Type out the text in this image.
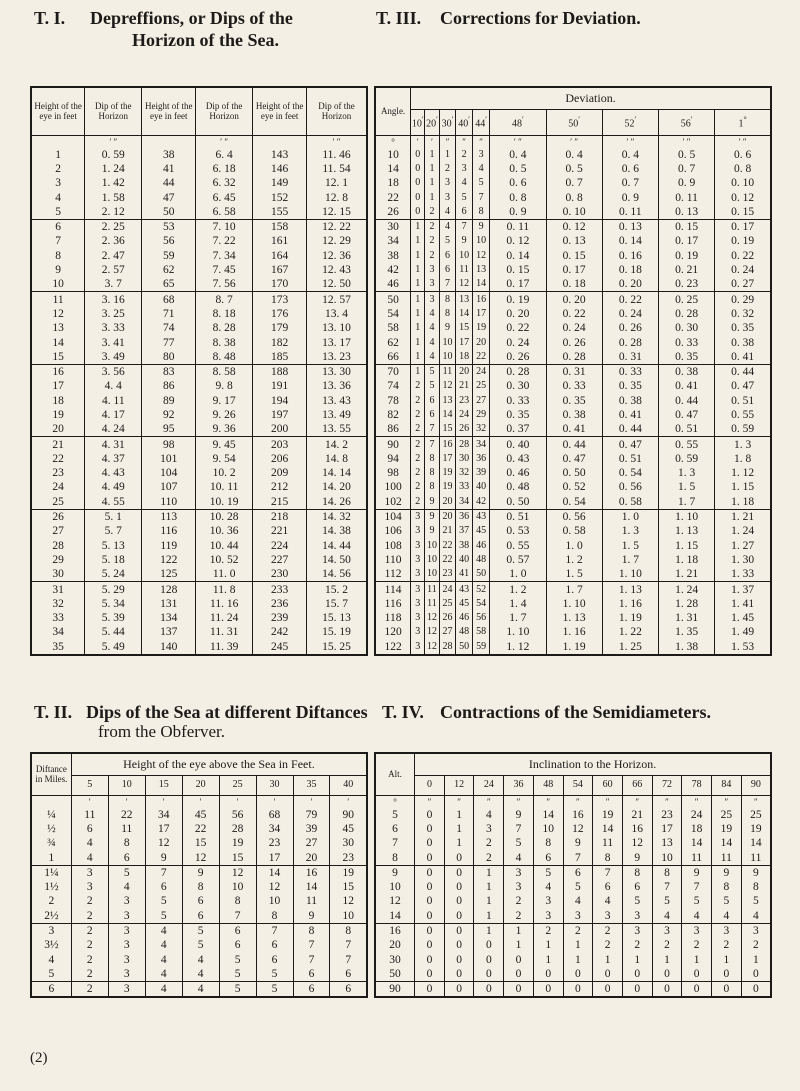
T. I. Depreffions, or Dips of the
Horizon of the Sea.
T. III. Corrections for Deviation.
T. II. Dips of the Sea at different Diftances
from the Obferver.
T. IV. Contractions of the Semidiameters.
Height of the eye in feet	Dip of the Horizon	Height of the eye in feet	Dip of the Horizon	Height of the eye in feet	Dip of the Horizon
	′ ″		′ ″		′ ″
1	0. 59	38	6. 4	143	11. 46
2	1. 24	41	6. 18	146	11. 54
3	1. 42	44	6. 32	149	12. 1
4	1. 58	47	6. 45	152	12. 8
5	2. 12	50	6. 58	155	12. 15
6	2. 25	53	7. 10	158	12. 22
7	2. 36	56	7. 22	161	12. 29
8	2. 47	59	7. 34	164	12. 36
9	2. 57	62	7. 45	167	12. 43
10	3. 7	65	7. 56	170	12. 50
11	3. 16	68	8. 7	173	12. 57
12	3. 25	71	8. 18	176	13. 4
13	3. 33	74	8. 28	179	13. 10
14	3. 41	77	8. 38	182	13. 17
15	3. 49	80	8. 48	185	13. 23
16	3. 56	83	8. 58	188	13. 30
17	4. 4	86	9. 8	191	13. 36
18	4. 11	89	9. 17	194	13. 43
19	4. 17	92	9. 26	197	13. 49
20	4. 24	95	9. 36	200	13. 55
21	4. 31	98	9. 45	203	14. 2
22	4. 37	101	9. 54	206	14. 8
23	4. 43	104	10. 2	209	14. 14
24	4. 49	107	10. 11	212	14. 20
25	4. 55	110	10. 19	215	14. 26
26	5. 1	113	10. 28	218	14. 32
27	5. 7	116	10. 36	221	14. 38
28	5. 13	119	10. 44	224	14. 44
29	5. 18	122	10. 52	227	14. 50
30	5. 24	125	11. 0	230	14. 56
31	5. 29	128	11. 8	233	15. 2
32	5. 34	131	11. 16	236	15. 7
33	5. 39	134	11. 24	239	15. 13
34	5. 44	137	11. 31	242	15. 19
35	5. 49	140	11. 39	245	15. 25
Angle.	Deviation.									
	10′	20′	30′	40′	44′	48′	50′	52′	56′	1°
°	′	′	″	″	″	′ ″	′ ″	′ ″	′ ″	′ ″
10	0	1	1	2	3	0. 4	0. 4	0. 4	0. 5	0. 6
14	0	1	2	3	4	0. 5	0. 5	0. 6	0. 7	0. 8
18	0	1	3	4	5	0. 6	0. 7	0. 7	0. 9	0. 10
22	0	1	3	5	7	0. 8	0. 8	0. 9	0. 11	0. 12
26	0	2	4	6	8	0. 9	0. 10	0. 11	0. 13	0. 15
30	1	2	4	7	9	0. 11	0. 12	0. 13	0. 15	0. 17
34	1	2	5	9	10	0. 12	0. 13	0. 14	0. 17	0. 19
38	1	2	6	10	12	0. 14	0. 15	0. 16	0. 19	0. 22
42	1	3	6	11	13	0. 15	0. 17	0. 18	0. 21	0. 24
46	1	3	7	12	14	0. 17	0. 18	0. 20	0. 23	0. 27
50	1	3	8	13	16	0. 19	0. 20	0. 22	0. 25	0. 29
54	1	4	8	14	17	0. 20	0. 22	0. 24	0. 28	0. 32
58	1	4	9	15	19	0. 22	0. 24	0. 26	0. 30	0. 35
62	1	4	10	17	20	0. 24	0. 26	0. 28	0. 33	0. 38
66	1	4	10	18	22	0. 26	0. 28	0. 31	0. 35	0. 41
70	1	5	11	20	24	0. 28	0. 31	0. 33	0. 38	0. 44
74	2	5	12	21	25	0. 30	0. 33	0. 35	0. 41	0. 47
78	2	6	13	23	27	0. 33	0. 35	0. 38	0. 44	0. 51
82	2	6	14	24	29	0. 35	0. 38	0. 41	0. 47	0. 55
86	2	7	15	26	32	0. 37	0. 41	0. 44	0. 51	0. 59
90	2	7	16	28	34	0. 40	0. 44	0. 47	0. 55	1. 3
94	2	8	17	30	36	0. 43	0. 47	0. 51	0. 59	1. 8
98	2	8	19	32	39	0. 46	0. 50	0. 54	1. 3	1. 12
100	2	8	19	33	40	0. 48	0. 52	0. 56	1. 5	1. 15
102	2	9	20	34	42	0. 50	0. 54	0. 58	1. 7	1. 18
104	3	9	20	36	43	0. 51	0. 56	1. 0	1. 10	1. 21
106	3	9	21	37	45	0. 53	0. 58	1. 3	1. 13	1. 24
108	3	10	22	38	46	0. 55	1. 0	1. 5	1. 15	1. 27
110	3	10	22	40	48	0. 57	1. 2	1. 7	1. 18	1. 30
112	3	10	23	41	50	1. 0	1. 5	1. 10	1. 21	1. 33
114	3	11	24	43	52	1. 2	1. 7	1. 13	1. 24	1. 37
116	3	11	25	45	54	1. 4	1. 10	1. 16	1. 28	1. 41
118	3	12	26	46	56	1. 7	1. 13	1. 19	1. 31	1. 45
120	3	12	27	48	58	1. 10	1. 16	1. 22	1. 35	1. 49
122	3	12	28	50	59	1. 12	1. 19	1. 25	1. 38	1. 53
Diftance in Miles.	Height of the eye above the Sea in Feet.							
	5	10	15	20	25	30	35	40
	′	′	′	′	′	′	′	′
¼	11	22	34	45	56	68	79	90
½	6	11	17	22	28	34	39	45
¾	4	8	12	15	19	23	27	30
1	4	6	9	12	15	17	20	23
1¼	3	5	7	9	12	14	16	19
1½	3	4	6	8	10	12	14	15
2	2	3	5	6	8	10	11	12
2½	2	3	5	6	7	8	9	10
3	2	3	4	5	6	7	8	8
3½	2	3	4	5	6	6	7	7
4	2	3	4	4	5	6	7	7
5	2	3	4	4	5	5	6	6
6	2	3	4	4	5	5	6	6
Alt.	Inclination to the Horizon.											
	0	12	24	36	48	54	60	66	72	78	84	90
°	″	″	″	″	″	″	″	″	″	″	″	″
5	0	1	4	9	14	16	19	21	23	24	25	25
6	0	1	3	7	10	12	14	16	17	18	19	19
7	0	1	2	5	8	9	11	12	13	14	14	14
8	0	0	2	4	6	7	8	9	10	11	11	11
9	0	0	1	3	5	6	7	8	8	9	9	9
10	0	0	1	3	4	5	6	6	7	7	8	8
12	0	0	1	2	3	4	4	5	5	5	5	5
14	0	0	1	2	3	3	3	3	4	4	4	4
16	0	0	1	1	2	2	2	3	3	3	3	3
20	0	0	0	1	1	1	2	2	2	2	2	2
30	0	0	0	0	1	1	1	1	1	1	1	1
50	0	0	0	0	0	0	0	0	0	0	0	0
90	0	0	0	0	0	0	0	0	0	0	0	0
(2)
